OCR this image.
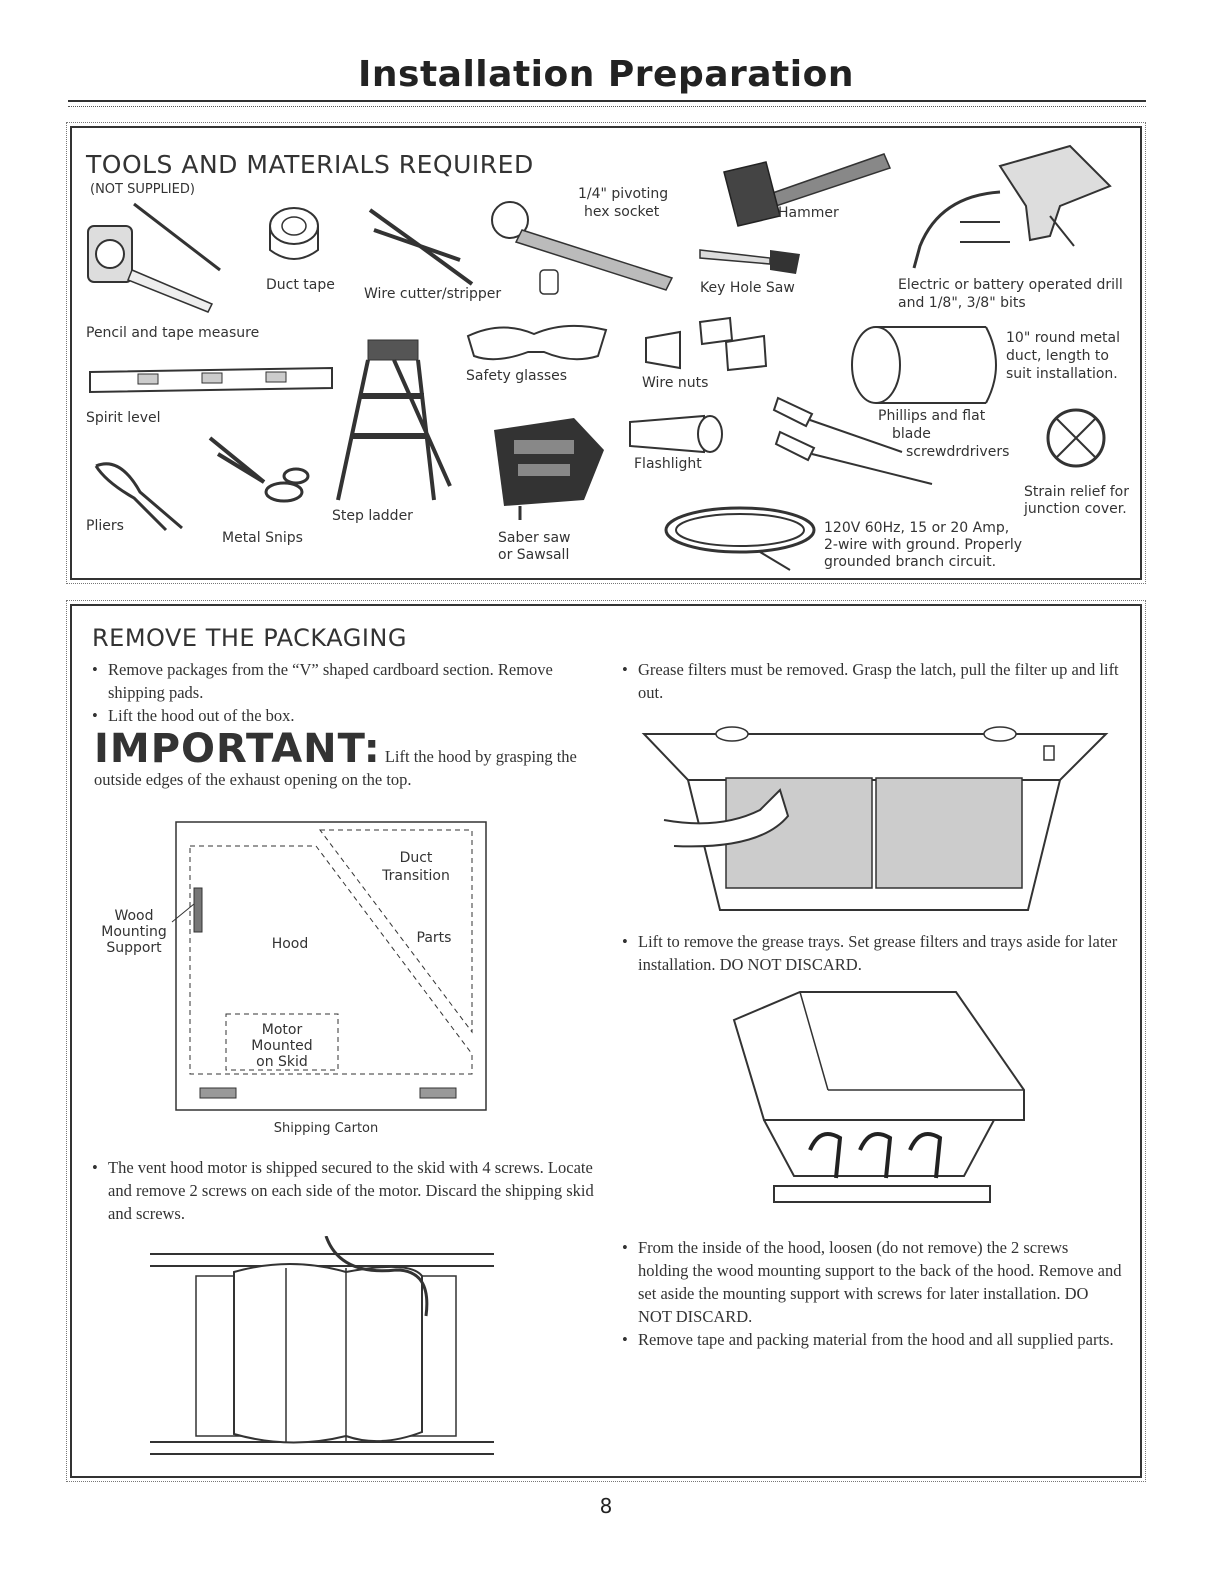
Installation Preparation
TOOLS AND MATERIALS REQUIRED
(NOT SUPPLIED)
Pencil and tape measure
Duct tape
Wire cutter/stripper
1/4" pivoting
hex socket	Hammer
Key Hole Saw	Electric or battery operated drill
and 1/8", 3/8" bits
Spirit level
Step ladder
Safety glasses	Wire nuts
10" round metal
duct, length to
suit installation.
Pliers
Metal Snips	Saber saw
or Sawsall
Flashlight
Phillips and flat
blade
screwdrdrivers
Strain relief for
junction cover.
120V 60Hz, 15 or 20 Amp,
2-wire with ground. Properly
grounded branch circuit.
REMOVE THE PACKAGING
• Remove packages from the “V” shaped cardboard section. Remove shipping pads.
• Lift the hood out of the box.
IMPORTANT: Lift the hood by grasping the outside edges of the exhaust opening on the top.
Duct
Transition
Wood
Mounting
Support	Hood	Parts
Motor
Mounted
on Skid
Shipping Carton
• The vent hood motor is shipped secured to the skid with 4 screws. Locate and remove 2 screws on each side of the motor. Discard the shipping skid and screws.
• Grease filters must be removed. Grasp the latch, pull the filter up and lift out.
• Lift to remove the grease trays. Set grease filters and trays aside for later installation. DO NOT DISCARD.
• From the inside of the hood, loosen (do not remove) the 2 screws holding the wood mounting support to the back of the hood. Remove and set aside the mounting support with screws for later installation. DO NOT DISCARD.
• Remove tape and packing material from the hood and all supplied parts.
8
